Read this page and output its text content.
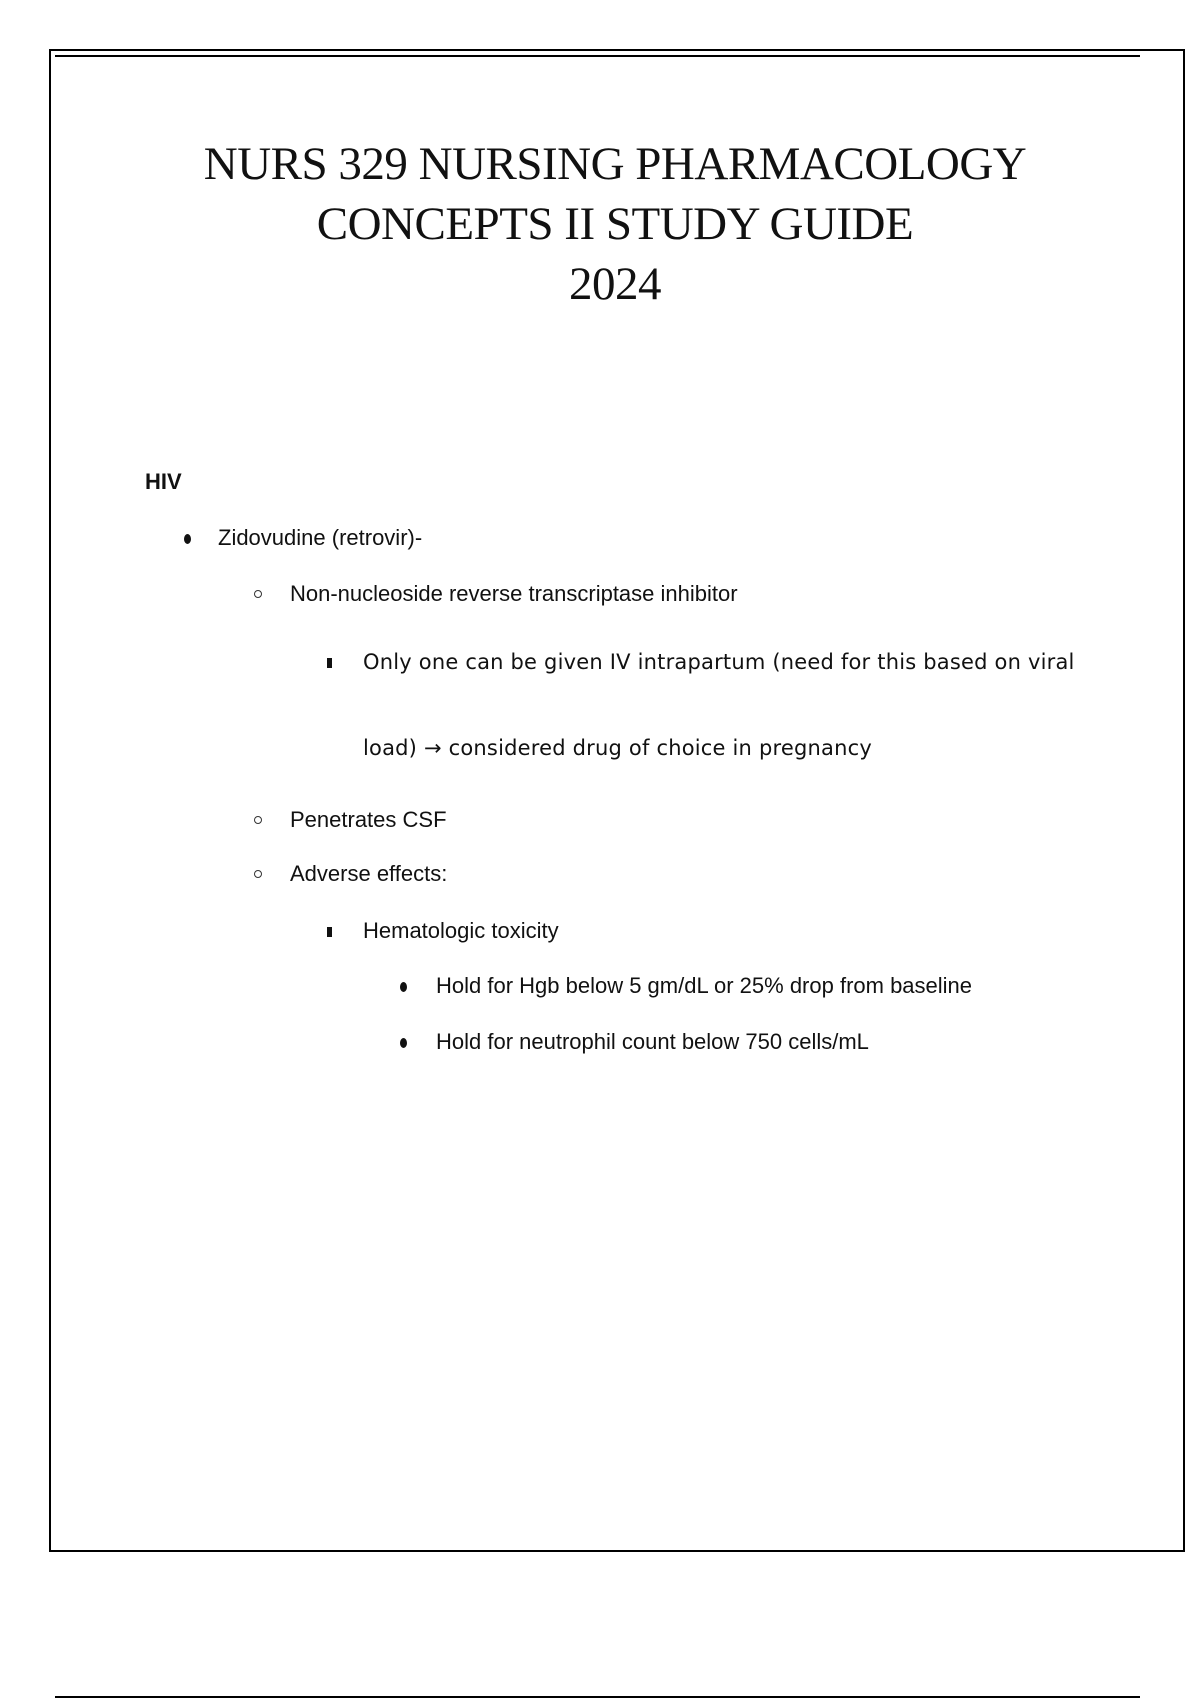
NURS 329 NURSING PHARMACOLOGY
CONCEPTS II STUDY GUIDE
2024
HIV
Zidovudine (retrovir)-
Non-nucleoside reverse transcriptase inhibitor
Only one can be given IV intrapartum (need for this based on viral
load) → considered drug of choice in pregnancy
Penetrates CSF
Adverse effects:
Hematologic toxicity
Hold for Hgb below 5 gm/dL or 25% drop from baseline
Hold for neutrophil count below 750 cells/mL
